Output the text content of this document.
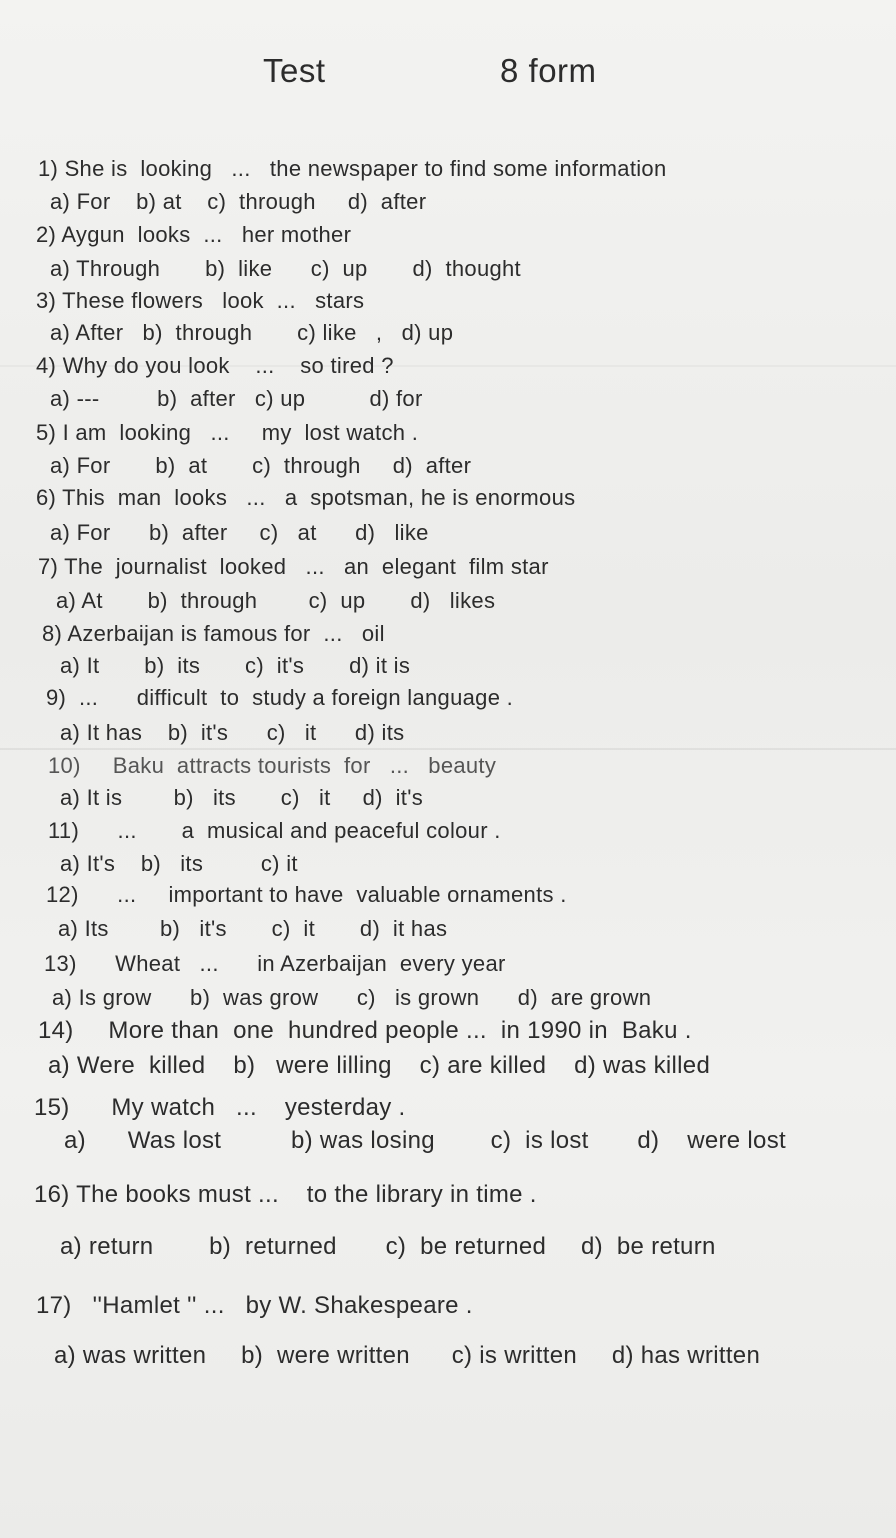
Test	8 form
1) She is  looking   ...   the newspaper to find some information
a) For    b) at    c)  through     d)  after
2) Aygun  looks  ...   her mother
a) Through       b)  like      c)  up       d)  thought
3) These flowers   look  ...   stars
a) After   b)  through       c) like   ,   d) up
4) Why do you look    ...    so tired ?
a) ---         b)  after   c) up          d) for
5) I am  looking   ...     my  lost watch .
a) For       b)  at       c)  through     d)  after
6) This  man  looks   ...   a  spotsman, he is enormous
a) For      b)  after     c)   at      d)   like
7) The  journalist  looked   ...   an  elegant  film star
a) At       b)  through        c)  up       d)   likes
8) Azerbaijan is famous for  ...   oil
a) It       b)  its       c)  it's       d) it is
9)  ...      difficult  to  study a foreign language .
a) It has    b)  it's      c)   it      d) its
10)     Baku  attracts tourists  for   ...   beauty
a) It is        b)   its       c)   it     d)  it's
11)      ...       a  musical and peaceful colour .
a) It's    b)   its         c) it
12)      ...     important to have  valuable ornaments .
a) Its        b)   it's       c)  it       d)  it has
13)      Wheat   ...      in Azerbaijan  every year
a) Is grow      b)  was grow      c)   is grown      d)  are grown
14)     More than  one  hundred people ...  in 1990 in  Baku .
a) Were  killed    b)   were lilling    c) are killed    d) was killed
15)      My watch   ...    yesterday .
a)      Was lost          b) was losing        c)  is lost       d)    were lost
16) The books must ...    to the library in time .
a) return        b)  returned       c)  be returned     d)  be return
17)   ''Hamlet '' ...   by W. Shakespeare .
a) was written     b)  were written      c) is written     d) has written
